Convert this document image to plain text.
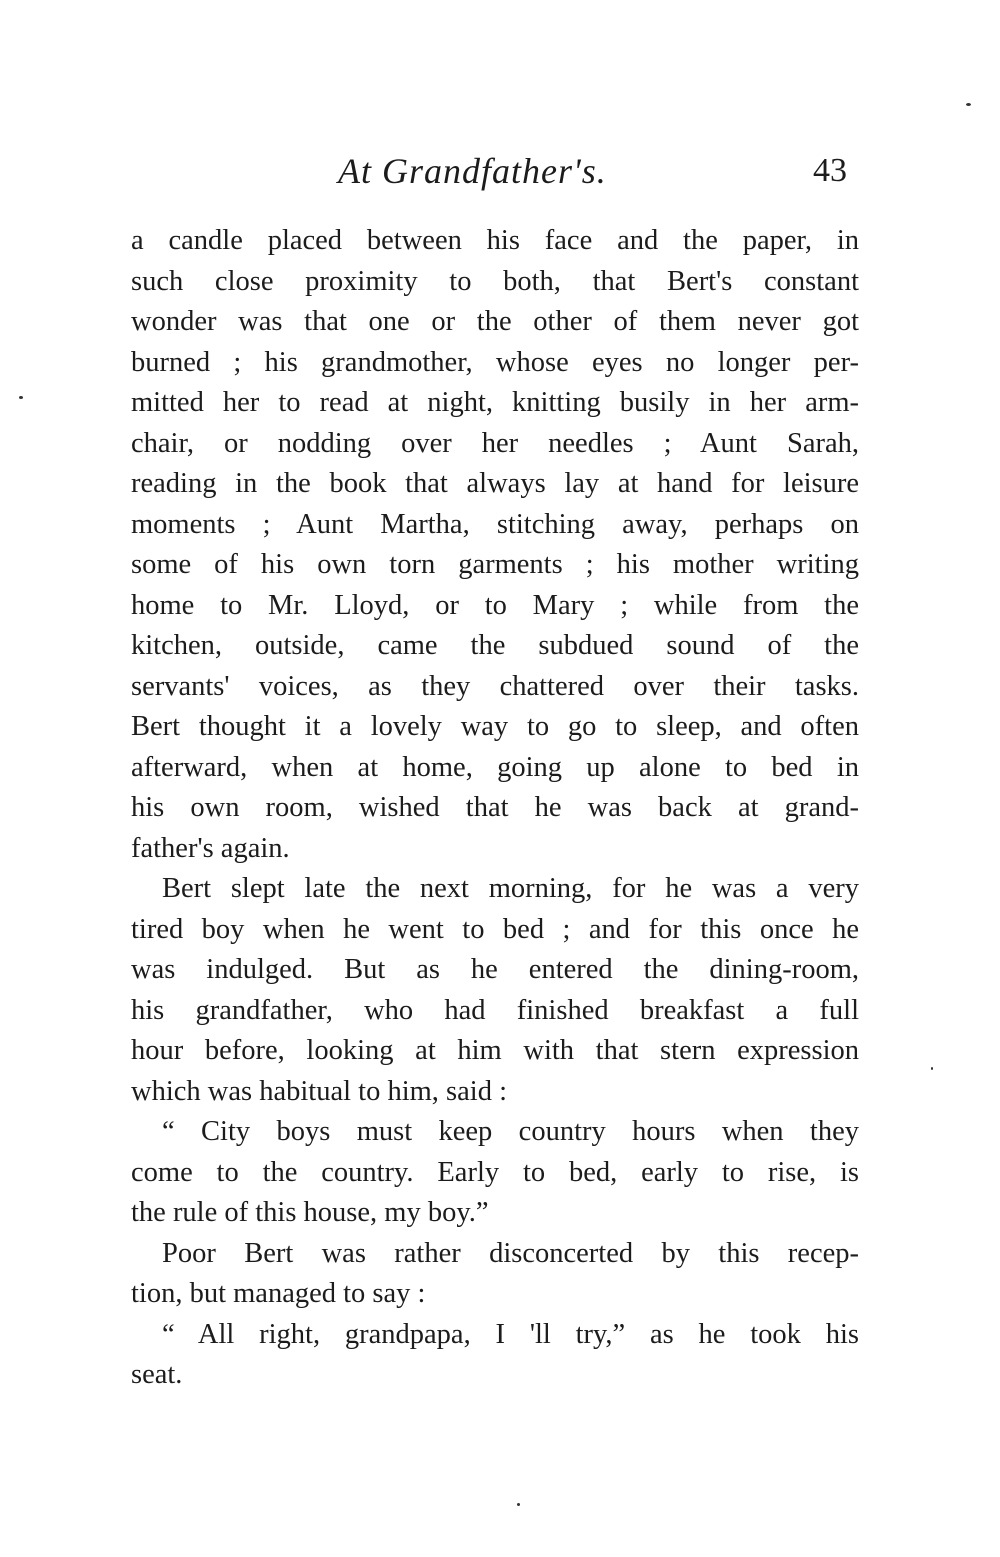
At Grandfather's.	43
a candle placed between his face and the paper, in
such close proximity to both, that Bert's constant
wonder was that one or the other of them never got
burned ; his grandmother, whose eyes no longer per-
mitted her to read at night, knitting busily in her arm-
chair, or nodding over her needles ; Aunt Sarah,
reading in the book that always lay at hand for leisure
moments ; Aunt Martha, stitching away, perhaps on
some of his own torn garments ; his mother writing
home to Mr. Lloyd, or to Mary ; while from the
kitchen, outside, came the subdued sound of the
servants' voices, as they chattered over their tasks.
Bert thought it a lovely way to go to sleep, and often
afterward, when at home, going up alone to bed in
his own room, wished that he was back at grand-
father's again.
Bert slept late the next morning, for he was a very
tired boy when he went to bed ; and for this once he
was indulged. But as he entered the dining-room,
his grandfather, who had finished breakfast a full
hour before, looking at him with that stern expression
which was habitual to him, said :
“ City boys must keep country hours when they
come to the country. Early to bed, early to rise, is
the rule of this house, my boy.”
Poor Bert was rather disconcerted by this recep-
tion, but managed to say :
“ All right, grandpapa, I 'll try,” as he took his
seat.
